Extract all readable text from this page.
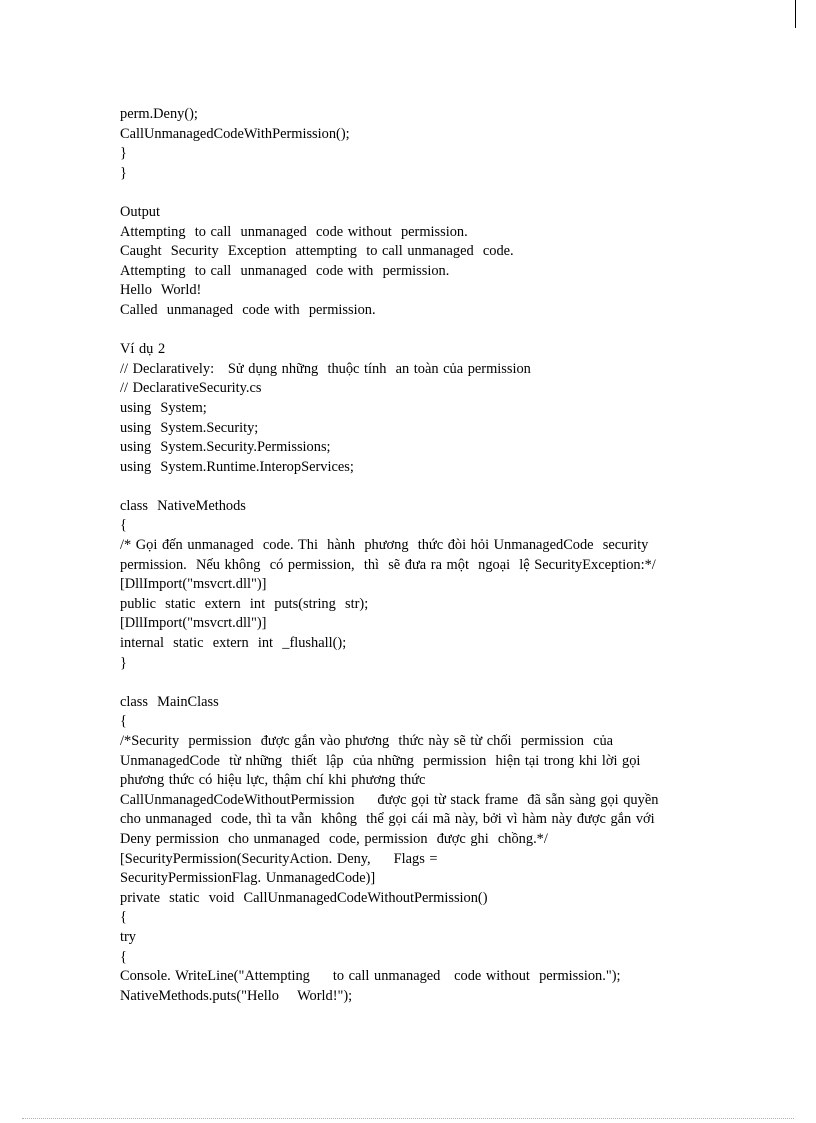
perm.Deny();
CallUnmanagedCodeWithPermission();
}
}
Output
Attempting  to call  unmanaged  code without  permission.
Caught  Security  Exception  attempting  to call unmanaged  code.
Attempting  to call  unmanaged  code with  permission.
Hello  World!
Called  unmanaged  code with  permission.
Ví dụ 2
// Declaratively:   Sử dụng những  thuộc tính  an toàn của permission
// DeclarativeSecurity.cs
using  System;
using  System.Security;
using  System.Security.Permissions;
using  System.Runtime.InteropServices;
class  NativeMethods
{
/* Gọi đến unmanaged  code. Thi  hành  phương  thức đòi hỏi UnmanagedCode  security
permission.  Nếu không  có permission,  thì  sẽ đưa ra một  ngoại  lệ SecurityException:*/
[DllImport("msvcrt.dll")]
public  static  extern  int  puts(string  str);
[DllImport("msvcrt.dll")]
internal  static  extern  int  _flushall();
}
class  MainClass
{
/*Security  permission  được gắn vào phương  thức này sẽ từ chối  permission  của
UnmanagedCode  từ những  thiết  lập  của những  permission  hiện tại trong khi lời gọi
phương thức có hiệu lực, thậm chí khi phương thức
CallUnmanagedCodeWithoutPermission     được gọi từ stack frame  đã sẵn sàng gọi quyền
cho unmanaged  code, thì ta vẫn  không  thể gọi cái mã này, bởi vì hàm này được gắn với
Deny permission  cho unmanaged  code, permission  được ghi  chồng.*/
[SecurityPermission(SecurityAction. Deny,     Flags =
SecurityPermissionFlag. UnmanagedCode)]
private  static  void  CallUnmanagedCodeWithoutPermission()
{
try
{
Console. WriteLine("Attempting     to call unmanaged   code without  permission.");
NativeMethods.puts("Hello    World!");
